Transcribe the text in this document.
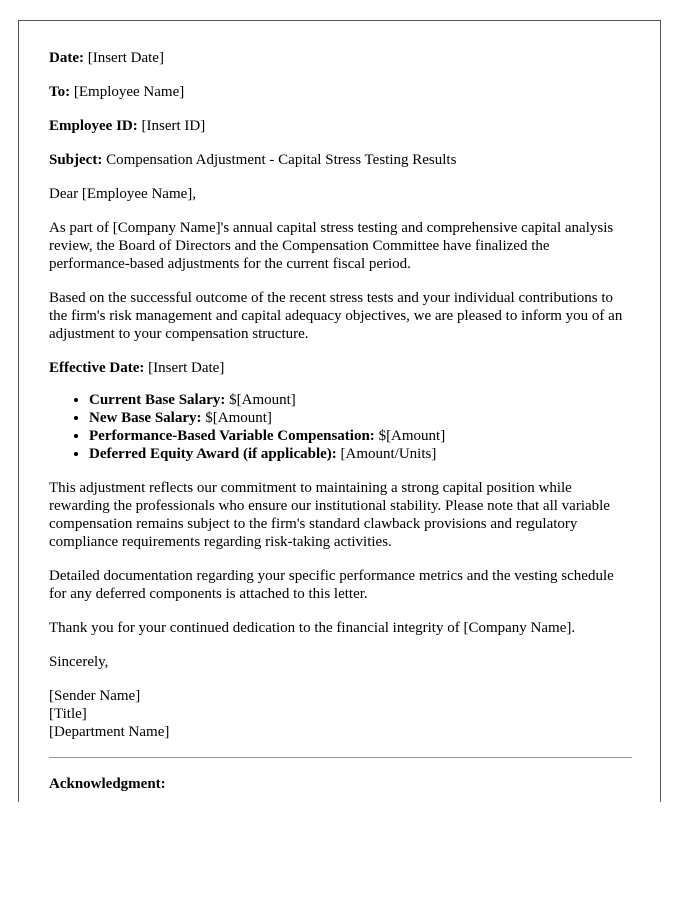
Date: [Insert Date]

To: [Employee Name]

Employee ID: [Insert ID]

Subject: Compensation Adjustment - Capital Stress Testing Results

Dear [Employee Name],

As part of [Company Name]'s annual capital stress testing and comprehensive capital analysis review, the Board of Directors and the Compensation Committee have finalized the performance-based adjustments for the current fiscal period.

Based on the successful outcome of the recent stress tests and your individual contributions to the firm's risk management and capital adequacy objectives, we are pleased to inform you of an adjustment to your compensation structure.

Effective Date: [Insert Date]

• Current Base Salary: $[Amount]
• New Base Salary: $[Amount]
• Performance-Based Variable Compensation: $[Amount]
• Deferred Equity Award (if applicable): [Amount/Units]

This adjustment reflects our commitment to maintaining a strong capital position while rewarding the professionals who ensure our institutional stability. Please note that all variable compensation remains subject to the firm's standard clawback provisions and regulatory compliance requirements regarding risk-taking activities.

Detailed documentation regarding your specific performance metrics and the vesting schedule for any deferred components is attached to this letter.

Thank you for your continued dedication to the financial integrity of [Company Name].

Sincerely,

[Sender Name]
[Title]
[Department Name]

Acknowledgment:
